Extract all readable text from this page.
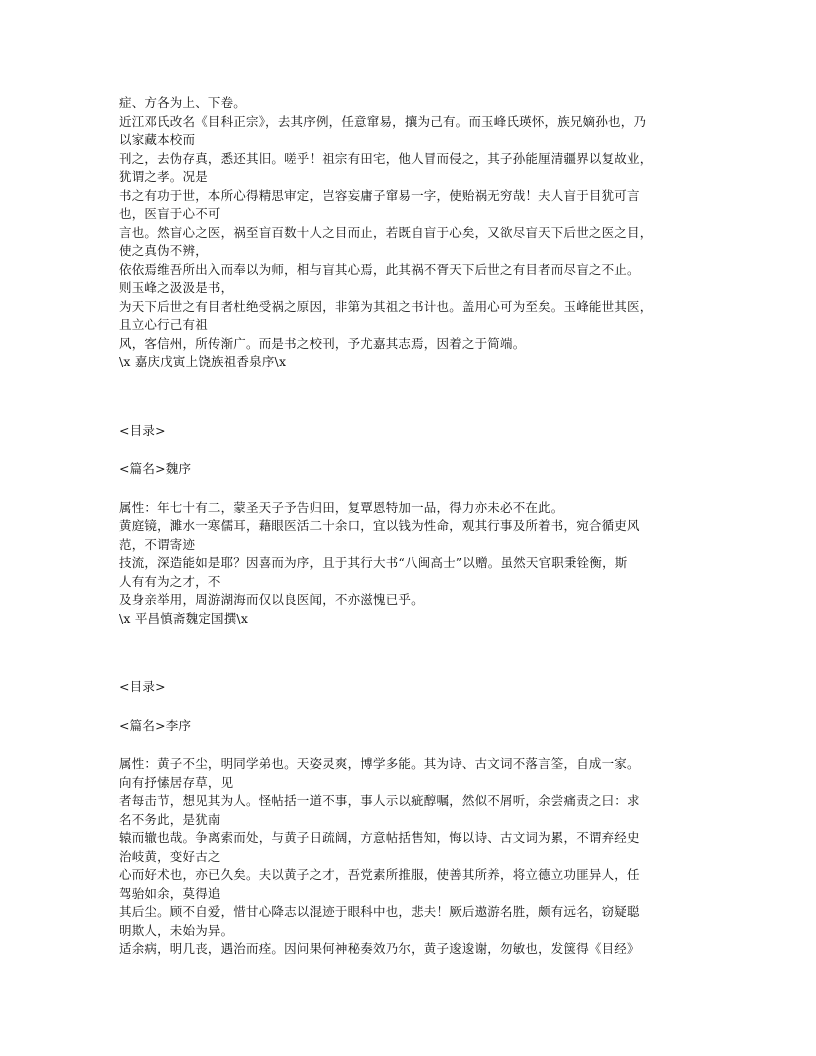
症、方各为上、下卷。
近江邓氏改名《目科正宗》，去其序例，任意窜易，攘为己有。而玉峰氏瑛怀，族兄嫡孙也，乃
以家藏本校而
刊之，去伪存真，悉还其旧。嗟乎！祖宗有田宅，他人冒而侵之，其子孙能厘清疆界以复故业，
犹谓之孝。况是
书之有功于世，本所心得精思审定，岂容妄庸子窜易一字，使贻祸无穷哉！夫人盲于目犹可言
也，医盲于心不可
言也。然盲心之医，祸至盲百数十人之目而止，若既自盲于心矣，又欲尽盲天下后世之医之目，
使之真伪不辨，
依依焉维吾所出入而奉以为师，相与盲其心焉，此其祸不胥天下后世之有目者而尽盲之不止。
则玉峰之汲汲是书，
为天下后世之有目者杜绝受祸之原因，非第为其祖之书计也。盖用心可为至矣。玉峰能世其医，
且立心行己有祖
风，客信州，所传渐广。而是书之校刊，予尤嘉其志焉，因着之于简端。
\x 嘉庆戊寅上饶族祖香泉序\x
<目录>
<篇名>魏序
属性：年七十有二，蒙圣天子予告归田，复覃恩特加一品，得力亦未必不在此。
黄庭镜，濉水一寒儒耳，藉眼医活二十余口，宜以钱为性命，观其行事及所着书，宛合循吏风
范，不谓寄迹
技流，深造能如是耶？因喜而为序，且于其行大书“八闽高士”以赠。虽然天官职秉铨衡，斯
人有有为之才，不
及身亲举用，周游湖海而仅以良医闻，不亦滋愧已乎。
\x 平昌慎斋魏定国撰\x
<目录>
<篇名>李序
属性：黄子不尘，明同学弟也。天姿灵爽，博学多能。其为诗、古文词不落言筌，自成一家。
向有抒愫居存草，见
者每击节，想见其为人。怪帖括一道不事，事人示以疵醇嘱，然似不屑听，余尝痛责之曰：求
名不务此，是犹南
辕而辙也哉。争离索而处，与黄子日疏阔，方意帖括售知，悔以诗、古文词为累，不谓弃经史
治岐黄，变好古之
心而好术也，亦已久矣。夫以黄子之才，吾党素所推服，使善其所养，将立德立功匪异人，任
驾骀如余，莫得追
其后尘。顾不自爱，惜甘心降志以混迹于眼科中也，悲夫！厥后遨游名胜，颇有远名，窃疑聪
明欺人，未始为异。
适余病，明几丧，遇治而痊。因问果何神秘奏效乃尔，黄子逡逡谢，勿敏也，发箧得《目经》
